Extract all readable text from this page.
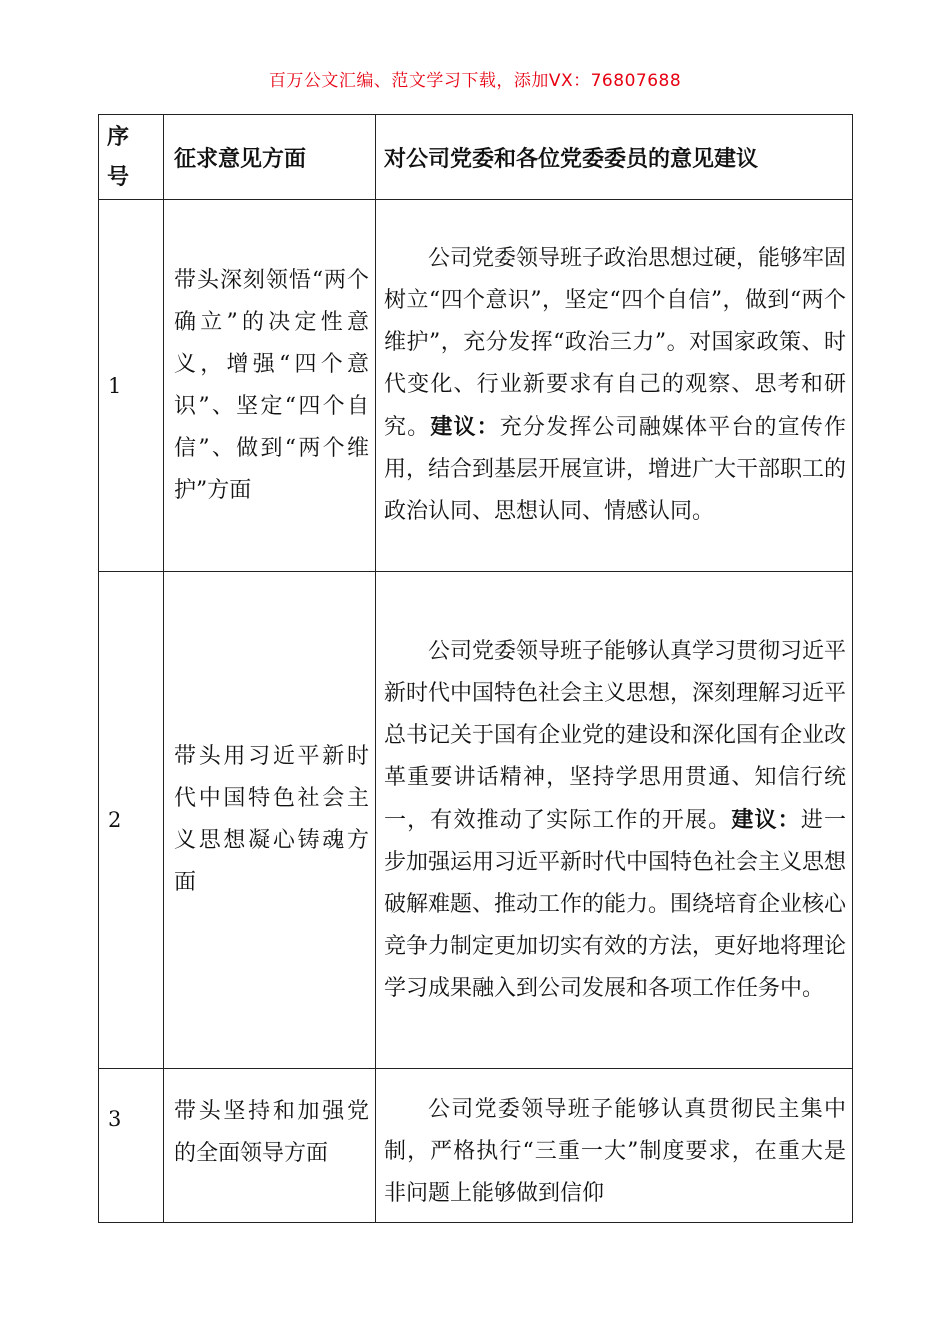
百万公文汇编、范文学习下载，添加VX：76807688
序号	征求意见方面	对公司党委和各位党委委员的意见建议
1	带头深刻领悟“两个确立”的决定性意义，增强“四个意识”、坚定“四个自信”、做到“两个维护”方面	公司党委领导班子政治思想过硬，能够牢固树立“四个意识”，坚定“四个自信”，做到“两个维护”，充分发挥“政治三力”。对国家政策、时代变化、行业新要求有自己的观察、思考和研究。建议：充分发挥公司融媒体平台的宣传作用，结合到基层开展宣讲，增进广大干部职工的政治认同、思想认同、情感认同。
2	带头用习近平新时代中国特色社会主义思想凝心铸魂方面	公司党委领导班子能够认真学习贯彻习近平新时代中国特色社会主义思想，深刻理解习近平总书记关于国有企业党的建设和深化国有企业改革重要讲话精神，坚持学思用贯通、知信行统一，有效推动了实际工作的开展。建议：进一步加强运用习近平新时代中国特色社会主义思想破解难题、推动工作的能力。围绕培育企业核心竞争力制定更加切实有效的方法，更好地将理论学习成果融入到公司发展和各项工作任务中。
3	带头坚持和加强党的全面领导方面	公司党委领导班子能够认真贯彻民主集中制，严格执行“三重一大”制度要求，在重大是非问题上能够做到信仰
